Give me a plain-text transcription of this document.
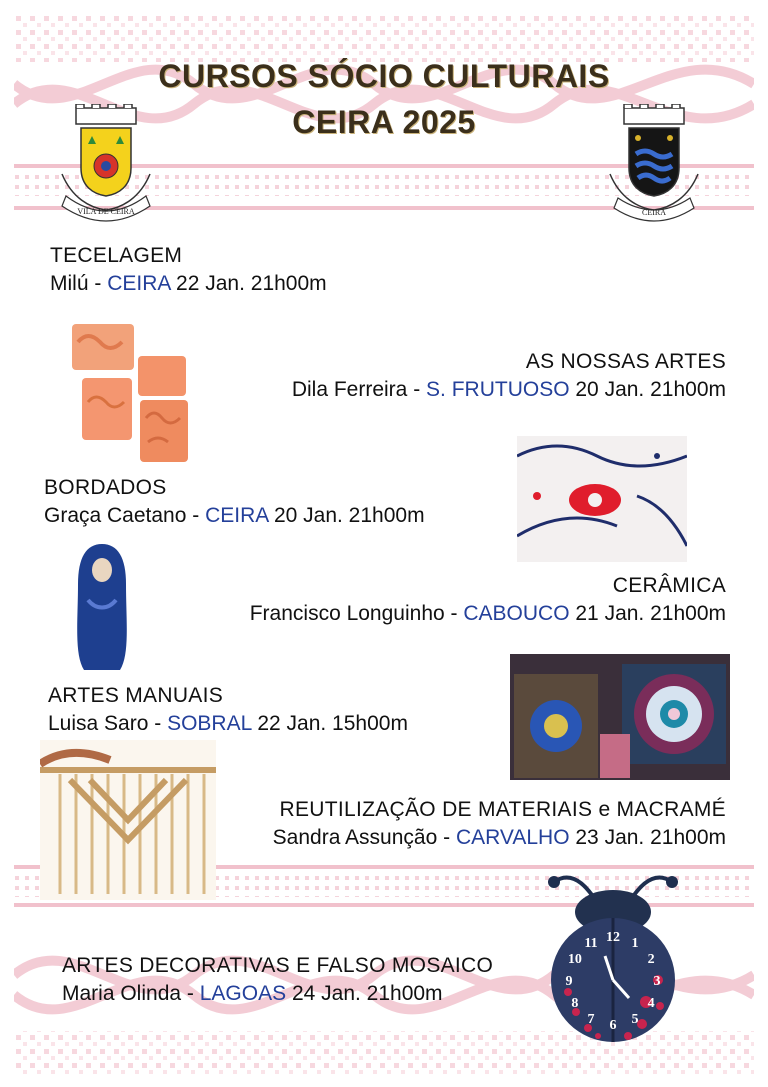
CURSOS SÓCIO CULTURAIS
CEIRA 2025
VILA DE CEIRA	CEIRA
TECELAGEM
Milú - CEIRA 22 Jan. 21h00m
AS NOSSAS ARTES
Dila Ferreira - S. FRUTUOSO 20 Jan. 21h00m
BORDADOS
Graça Caetano - CEIRA 20 Jan. 21h00m
CERÂMICA
Francisco Longuinho - CABOUCO 21 Jan. 21h00m
ARTES MANUAIS
Luisa Saro - SOBRAL 22 Jan. 15h00m
REUTILIZAÇÃO DE MATERIAIS e MACRAMÉ
Sandra Assunção - CARVALHO 23 Jan. 21h00m
ARTES DECORATIVAS E FALSO MOSAICO
Maria Olinda - LAGOAS 24 Jan. 21h00m
12 1
2
3
4
5
6
7
8
9
10
11
